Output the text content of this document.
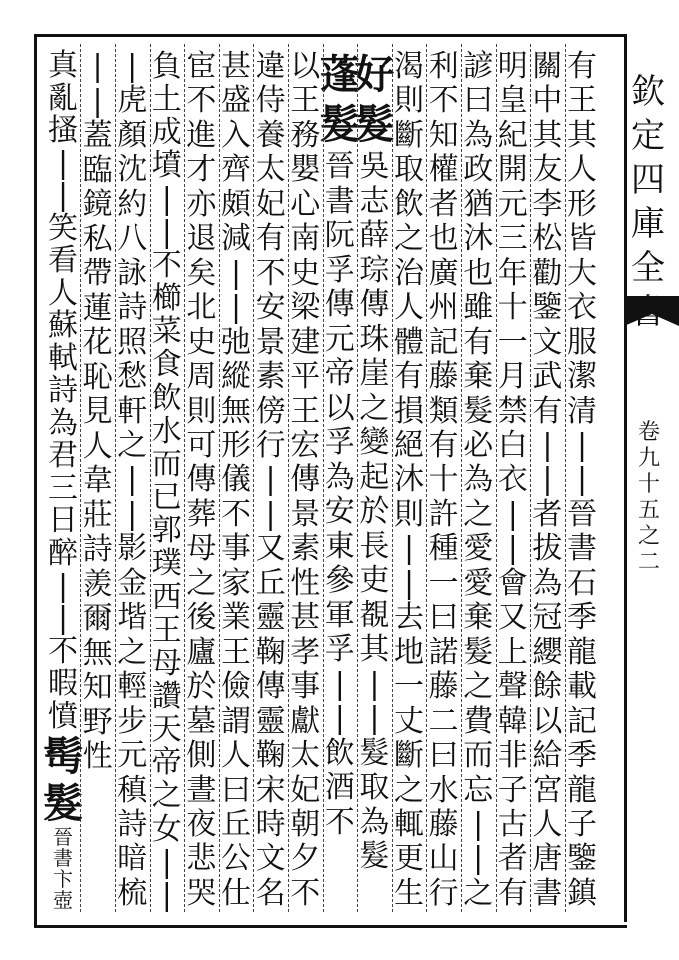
欽
定
四
庫
全
卷
九
十
五
之
二
有
王
其
人
形
皆
大
衣
服
潔
清
|
|
晉
書
石
季
龍
載
記
季
龍
子
鑒
鎮
關
中
其
友
李
松
勸
鑒
文
武
有
|
|
者
拔
為
冠
纓
餘
以
給
宮
人
唐
書
明
皇
紀
開
元
三
年
十
一
月
禁
白
衣
|
|
會
又
上
聲
韓
非
子
古
者
有
諺
曰
為
政
猶
沐
也
雖
有
棄
髮
必
為
之
愛
愛
棄
髮
之
費
而
忘
|
|
之
利
不
知
權
者
也
廣
州
記
藤
類
有
十
許
種
一
曰
諾
藤
二
曰
水
藤
山
行
渴
則
斷
取
飲
之
治
人
體
有
損
絕
沐
則
|
|
去
地
一
丈
斷
之
輒
更
生
好
髮
吳
志
薛
琮
傳
珠
崖
之
變
起
於
長
吏
覩
其
|
|
髮
取
為
髮
蓬
髮
晉
書
阮
孚
傳
元
帝
以
孚
為
安
東
參
軍
孚
|
|
飲
酒
不
以
王
務
嬰
心
南
史
梁
建
平
王
宏
傳
景
素
性
甚
孝
事
獻
太
妃
朝
夕
不
違
侍
養
太
妃
有
不
安
景
素
傍
行
|
|
又
丘
靈
鞠
傳
靈
鞠
宋
時
文
名
甚
盛
入
齊
頗
減
|
|
弛
縱
無
形
儀
不
事
家
業
王
儉
謂
人
曰
丘
公
仕
宦
不
進
才
亦
退
矣
北
史
周
則
可
傳
葬
母
之
後
廬
於
墓
側
晝
夜
悲
哭
負
土
成
墳
|
|
不
櫛
菜
食
飲
水
而
已
郭
璞
西
王
母
讚
天
帝
之
女
|
|
|
虎
顏
沈
約
八
詠
詩
照
愁
軒
之
|
|
影
金
堦
之
輕
步
元
稹
詩
暗
梳
|
|
蓋
臨
鏡
私
帶
蓮
花
恥
見
人
韋
莊
詩
羨
爾
無
知
野
性
真
亂
搔
|
|
笑
看
人
蘇
軾
詩
為
君
三
日
醉
|
|
不
暇
憤
髩
髮
晉
書
卞
壺
